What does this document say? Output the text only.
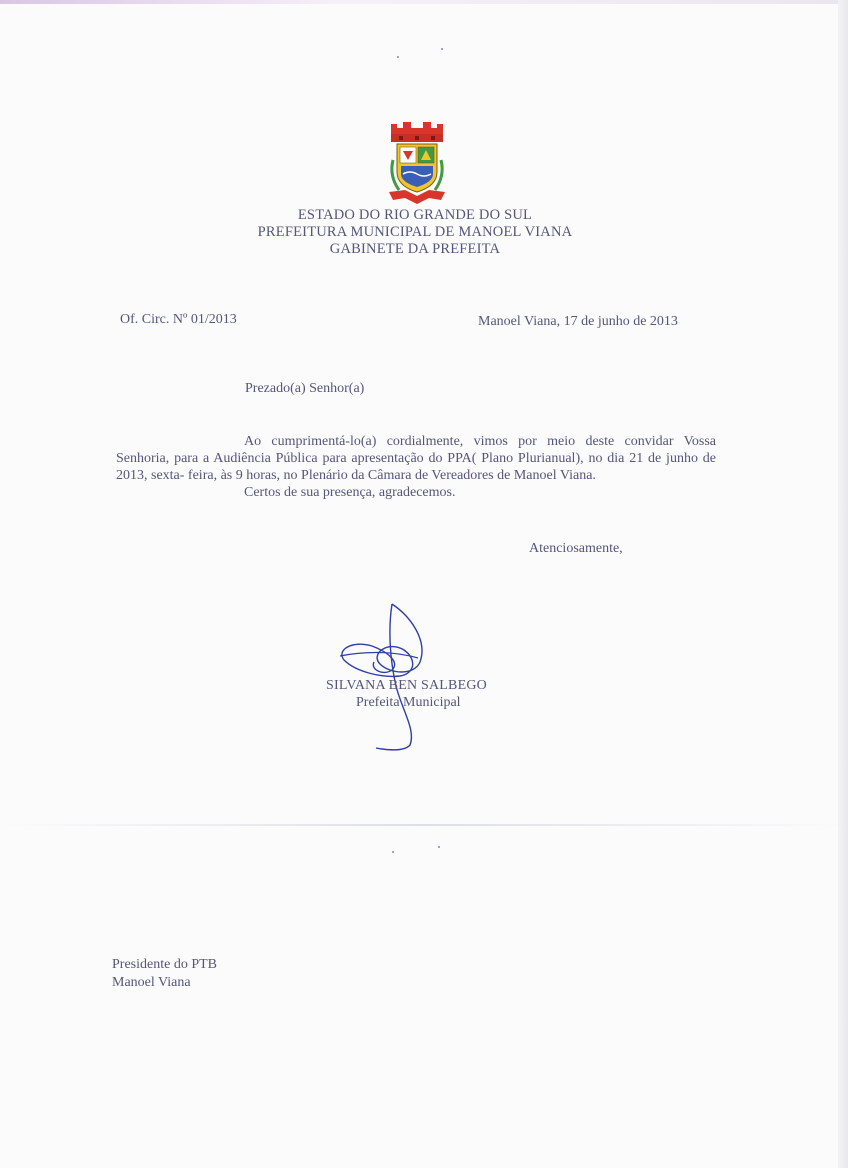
ESTADO DO RIO GRANDE DO SUL
PREFEITURA MUNICIPAL DE MANOEL VIANA
GABINETE DA PREFEITA
Of. Circ. Nº 01/2013	Manoel Viana, 17 de junho de 2013
Prezado(a) Senhor(a)
Ao cumprimentá-lo(a) cordialmente, vimos por meio deste convidar Vossa Senhoria, para a Audiência Pública para apresentação do PPA( Plano Plurianual), no dia 21 de junho de 2013, sexta- feira, às 9 horas, no Plenário da Câmara de Vereadores de Manoel Viana.
Certos de sua presença, agradecemos.
Atenciosamente,
SILVANA BEN SALBEGO
Prefeita Municipal
Presidente do PTB
Manoel Viana
